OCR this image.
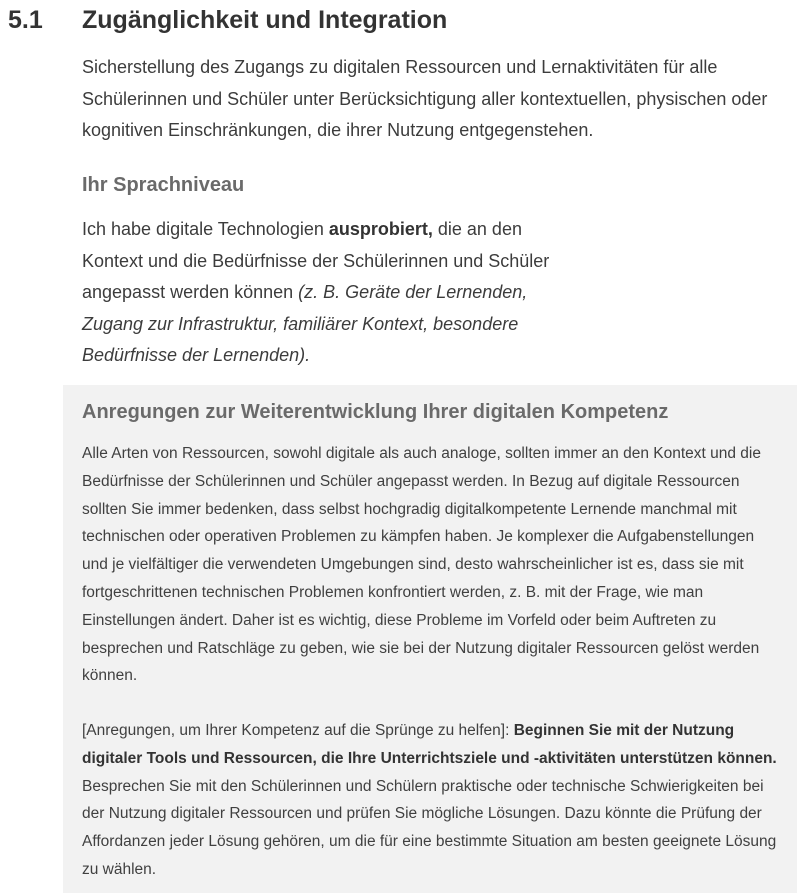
5.1 Zugänglichkeit und Integration

Sicherstellung des Zugangs zu digitalen Ressourcen und Lernaktivitäten für alle Schülerinnen und Schüler unter Berücksichtigung aller kontextuellen, physischen oder kognitiven Einschränkungen, die ihrer Nutzung entgegenstehen.

Ihr Sprachniveau

Ich habe digitale Technologien ausprobiert, die an den Kontext und die Bedürfnisse der Schülerinnen und Schüler angepasst werden können (z. B. Geräte der Lernenden, Zugang zur Infrastruktur, familiärer Kontext, besondere Bedürfnisse der Lernenden).

Anregungen zur Weiterentwicklung Ihrer digitalen Kompetenz

Alle Arten von Ressourcen, sowohl digitale als auch analoge, sollten immer an den Kontext und die Bedürfnisse der Schülerinnen und Schüler angepasst werden. In Bezug auf digitale Ressourcen sollten Sie immer bedenken, dass selbst hochgradig digitalkompetente Lernende manchmal mit technischen oder operativen Problemen zu kämpfen haben. Je komplexer die Aufgabenstellungen und je vielfältiger die verwendeten Umgebungen sind, desto wahrscheinlicher ist es, dass sie mit fortgeschrittenen technischen Problemen konfrontiert werden, z. B. mit der Frage, wie man Einstellungen ändert. Daher ist es wichtig, diese Probleme im Vorfeld oder beim Auftreten zu besprechen und Ratschläge zu geben, wie sie bei der Nutzung digitaler Ressourcen gelöst werden können.

[Anregungen, um Ihrer Kompetenz auf die Sprünge zu helfen]: Beginnen Sie mit der Nutzung digitaler Tools und Ressourcen, die Ihre Unterrichtsziele und -aktivitäten unterstützen können. Besprechen Sie mit den Schülerinnen und Schülern praktische oder technische Schwierigkeiten bei der Nutzung digitaler Ressourcen und prüfen Sie mögliche Lösungen. Dazu könnte die Prüfung der Affordanzen jeder Lösung gehören, um die für eine bestimmte Situation am besten geeignete Lösung zu wählen.
